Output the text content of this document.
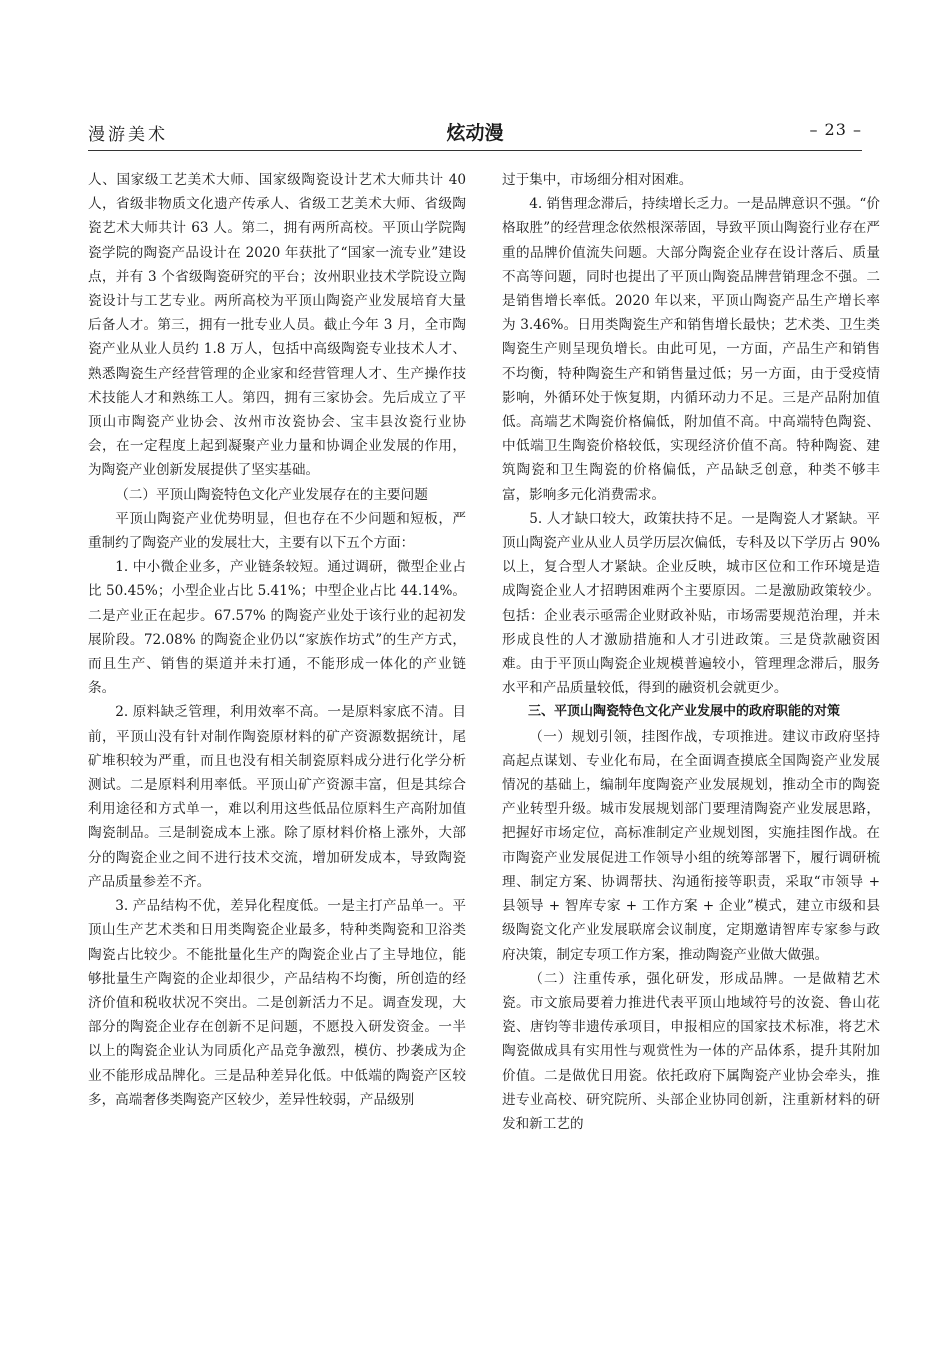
漫游美术	炫动漫	– 23 –

人、国家级工艺美术大师、国家级陶瓷设计艺术大师共计 40 人，省级非物质文化遗产传承人、省级工艺美术大师、省级陶瓷艺术大师共计 63 人。第二，拥有两所高校。平顶山学院陶瓷学院的陶瓷产品设计在 2020 年获批了“国家一流专业”建设点，并有 3 个省级陶瓷研究的平台；汝州职业技术学院设立陶瓷设计与工艺专业。两所高校为平顶山陶瓷产业发展培育大量后备人才。第三，拥有一批专业人员。截止今年 3 月，全市陶瓷产业从业人员约 1.8 万人，包括中高级陶瓷专业技术人才、熟悉陶瓷生产经营管理的企业家和经营管理人才、生产操作技术技能人才和熟练工人。第四，拥有三家协会。先后成立了平顶山市陶瓷产业协会、汝州市汝瓷协会、宝丰县汝瓷行业协会，在一定程度上起到凝聚产业力量和协调企业发展的作用，为陶瓷产业创新发展提供了坚实基础。

（二）平顶山陶瓷特色文化产业发展存在的主要问题

平顶山陶瓷产业优势明显，但也存在不少问题和短板，严重制约了陶瓷产业的发展壮大，主要有以下五个方面：

1. 中小微企业多，产业链条较短。通过调研，微型企业占比 50.45%；小型企业占比 5.41%；中型企业占比 44.14%。二是产业正在起步。67.57% 的陶瓷产业处于该行业的起初发展阶段。72.08% 的陶瓷企业仍以“家族作坊式”的生产方式，而且生产、销售的渠道并未打通，不能形成一体化的产业链条。

2. 原料缺乏管理，利用效率不高。一是原料家底不清。目前，平顶山没有针对制作陶瓷原材料的矿产资源数据统计，尾矿堆积较为严重，而且也没有相关制瓷原料成分进行化学分析测试。二是原料利用率低。平顶山矿产资源丰富，但是其综合利用途径和方式单一，难以利用这些低品位原料生产高附加值陶瓷制品。三是制瓷成本上涨。除了原材料价格上涨外，大部分的陶瓷企业之间不进行技术交流，增加研发成本，导致陶瓷产品质量参差不齐。

3. 产品结构不优，差异化程度低。一是主打产品单一。平顶山生产艺术类和日用类陶瓷企业最多，特种类陶瓷和卫浴类陶瓷占比较少。不能批量化生产的陶瓷企业占了主导地位，能够批量生产陶瓷的企业却很少，产品结构不均衡，所创造的经济价值和税收状况不突出。二是创新活力不足。调查发现，大部分的陶瓷企业存在创新不足问题，不愿投入研发资金。一半以上的陶瓷企业认为同质化产品竞争激烈，模仿、抄袭成为企业不能形成品牌化。三是品种差异化低。中低端的陶瓷产区较多，高端奢侈类陶瓷产区较少，差异性较弱，产品级别

过于集中，市场细分相对困难。

4. 销售理念滞后，持续增长乏力。一是品牌意识不强。“价格取胜”的经营理念依然根深蒂固，导致平顶山陶瓷行业存在严重的品牌价值流失问题。大部分陶瓷企业存在设计落后、质量不高等问题，同时也提出了平顶山陶瓷品牌营销理念不强。二是销售增长率低。2020 年以来，平顶山陶瓷产品生产增长率为 3.46%。日用类陶瓷生产和销售增长最快；艺术类、卫生类陶瓷生产则呈现负增长。由此可见，一方面，产品生产和销售不均衡，特种陶瓷生产和销售量过低；另一方面，由于受疫情影响，外循环处于恢复期，内循环动力不足。三是产品附加值低。高端艺术陶瓷价格偏低，附加值不高。中高端特色陶瓷、中低端卫生陶瓷价格较低，实现经济价值不高。特种陶瓷、建筑陶瓷和卫生陶瓷的价格偏低，产品缺乏创意，种类不够丰富，影响多元化消费需求。

5. 人才缺口较大，政策扶持不足。一是陶瓷人才紧缺。平顶山陶瓷产业从业人员学历层次偏低，专科及以下学历占 90% 以上，复合型人才紧缺。企业反映，城市区位和工作环境是造成陶瓷企业人才招聘困难两个主要原因。二是激励政策较少。包括：企业表示亟需企业财政补贴，市场需要规范治理，并未形成良性的人才激励措施和人才引进政策。三是贷款融资困难。由于平顶山陶瓷企业规模普遍较小，管理理念滞后，服务水平和产品质量较低，得到的融资机会就更少。

三、平顶山陶瓷特色文化产业发展中的政府职能的对策

（一）规划引领，挂图作战，专项推进。建议市政府坚持高起点谋划、专业化布局，在全面调查摸底全国陶瓷产业发展情况的基础上，编制年度陶瓷产业发展规划，推动全市的陶瓷产业转型升级。城市发展规划部门要理清陶瓷产业发展思路，把握好市场定位，高标准制定产业规划图，实施挂图作战。在市陶瓷产业发展促进工作领导小组的统筹部署下，履行调研梳理、制定方案、协调帮扶、沟通衔接等职责，采取“市领导 + 县领导 + 智库专家 + 工作方案 + 企业”模式，建立市级和县级陶瓷文化产业发展联席会议制度，定期邀请智库专家参与政府决策，制定专项工作方案，推动陶瓷产业做大做强。

（二）注重传承，强化研发，形成品牌。一是做精艺术瓷。市文旅局要着力推进代表平顶山地域符号的汝瓷、鲁山花瓷、唐钧等非遗传承项目，申报相应的国家技术标准，将艺术陶瓷做成具有实用性与观赏性为一体的产品体系，提升其附加价值。二是做优日用瓷。依托政府下属陶瓷产业协会牵头，推进专业高校、研究院所、头部企业协同创新，注重新材料的研发和新工艺的
